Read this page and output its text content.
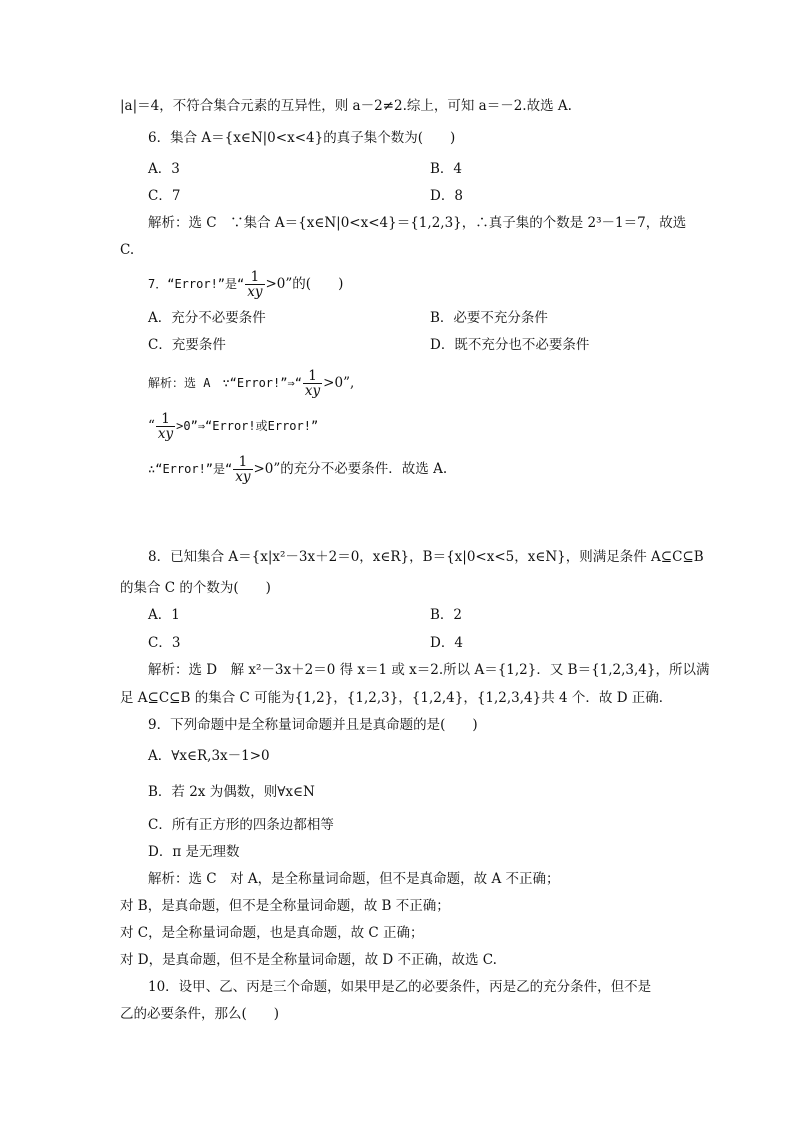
|a|＝4，不符合集合元素的互异性，则 a－2≠2.综上，可知 a＝－2.故选 A.
6．集合 A＝{x∈N|0<x<4}的真子集个数为(　　)
A．3	B．4
C．7	D．8
解析：选 C　∵集合 A＝{x∈N|0<x<4}＝{1,2,3}，∴真子集的个数是 2³－1＝7，故选
C.
7．“Error!”是“ $\frac{1}{xy} >0$”的(　　)
A．充分不必要条件	B．必要不充分条件
C．充要条件	D．既不充分也不必要条件
解析：选 A　∵“Error!”⇒“ $\frac{1}{xy} >0$”,
“ $\frac{1}{xy}$ >0”⇒“Error!或Error!”
∴“Error!”是“ $\frac{1}{xy} >0$”的充分不必要条件．故选 A.
8．已知集合 A＝{x|x²－3x＋2＝0，x∈R}，B＝{x|0<x<5，x∈N}，则满足条件 A⊆C⊆B
的集合 C 的个数为(　　)
A．1	B．2
C．3	D．4
解析：选 D　解 x²－3x＋2＝0 得 x＝1 或 x＝2.所以 A＝{1,2}．又 B＝{1,2,3,4}，所以满
足 A⊆C⊆B 的集合 C 可能为{1,2}，{1,2,3}，{1,2,4}，{1,2,3,4}共 4 个．故 D 正确．
9．下列命题中是全称量词命题并且是真命题的是(　　)
A．∀x∈R,3x－1>0
B．若 2x 为偶数，则∀x∈N
C．所有正方形的四条边都相等
D．π 是无理数
解析：选 C　对 A，是全称量词命题，但不是真命题，故 A 不正确；
对 B，是真命题，但不是全称量词命题，故 B 不正确；
对 C，是全称量词命题，也是真命题，故 C 正确；
对 D，是真命题，但不是全称量词命题，故 D 不正确，故选 C.
10．设甲、乙、丙是三个命题，如果甲是乙的必要条件，丙是乙的充分条件，但不是
乙的必要条件，那么(　　)
